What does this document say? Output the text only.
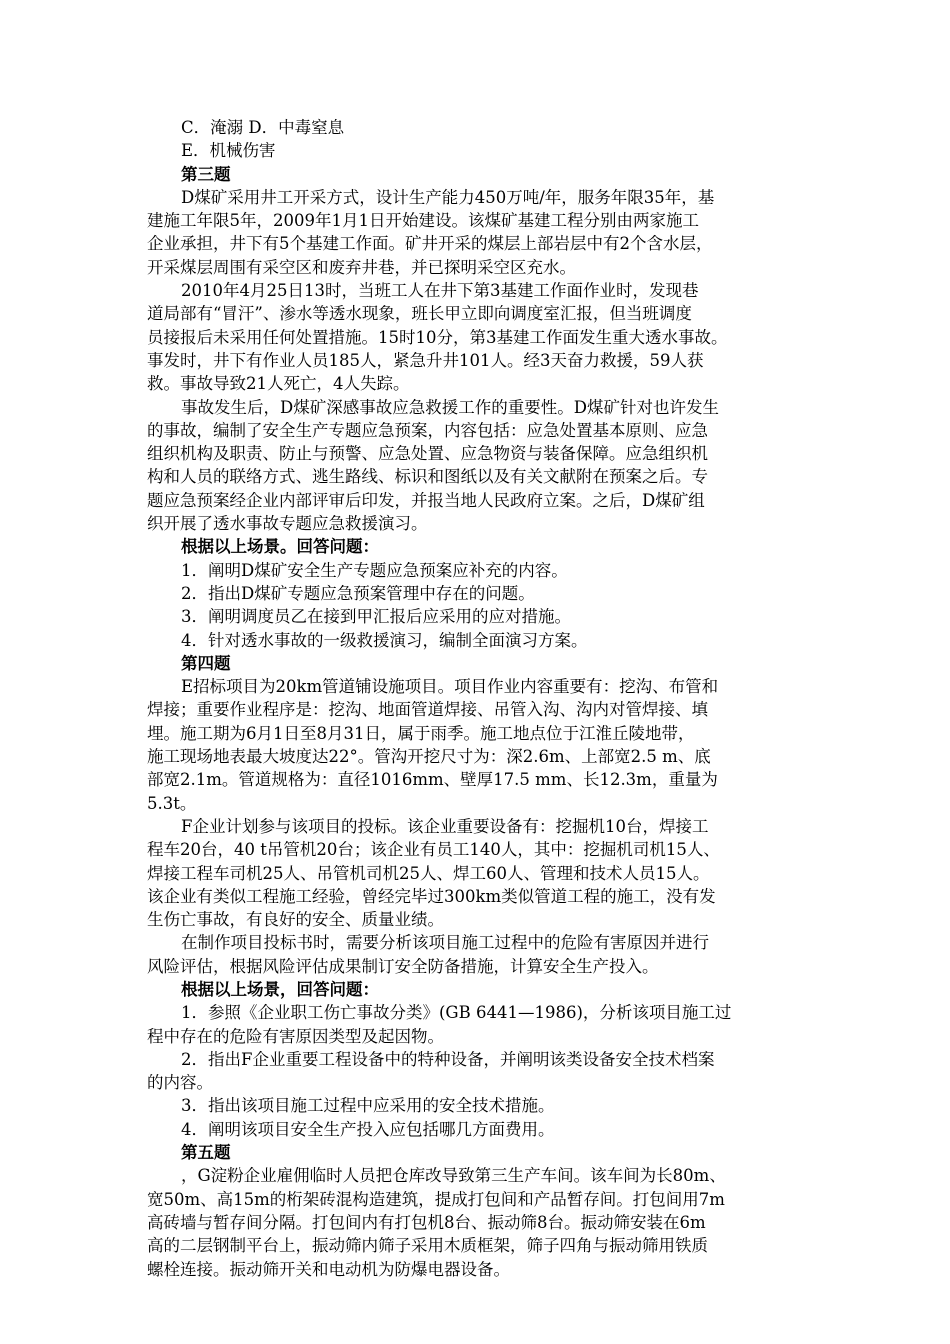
C．淹溺 D．中毒窒息
E．机械伤害
第三题
D煤矿采用井工开采方式，设计生产能力450万吨/年，服务年限35年，基
建施工年限5年，2009年1月1日开始建设。该煤矿基建工程分别由两家施工
企业承担，井下有5个基建工作面。矿井开采的煤层上部岩层中有2个含水层，
开采煤层周围有采空区和废弃井巷，并已探明采空区充水。
2010年4月25日13时，当班工人在井下第3基建工作面作业时，发现巷
道局部有“冒汗”、渗水等透水现象，班长甲立即向调度室汇报，但当班调度
员接报后未采用任何处置措施。15时10分，第3基建工作面发生重大透水事故。
事发时，井下有作业人员185人，紧急升井101人。经3天奋力救援，59人获
救。事故导致21人死亡，4人失踪。
事故发生后，D煤矿深感事故应急救援工作的重要性。D煤矿针对也许发生
的事故，编制了安全生产专题应急预案，内容包括：应急处置基本原则、应急
组织机构及职责、防止与预警、应急处置、应急物资与装备保障。应急组织机
构和人员的联络方式、逃生路线、标识和图纸以及有关文献附在预案之后。专
题应急预案经企业内部评审后印发，并报当地人民政府立案。之后，D煤矿组
织开展了透水事故专题应急救援演习。
根据以上场景。回答问题：
1．阐明D煤矿安全生产专题应急预案应补充的内容。
2．指出D煤矿专题应急预案管理中存在的问题。
3．阐明调度员乙在接到甲汇报后应采用的应对措施。
4．针对透水事故的一级救援演习，编制全面演习方案。
第四题
E招标项目为20km管道铺设施项目。项目作业内容重要有：挖沟、布管和
焊接；重要作业程序是：挖沟、地面管道焊接、吊管入沟、沟内对管焊接、填
埋。施工期为6月1日至8月31日，属于雨季。施工地点位于江淮丘陵地带，
施工现场地表最大坡度达22°。管沟开挖尺寸为：深2.6m、上部宽2.5 m、底
部宽2.1m。管道规格为：直径1016mm、壁厚17.5 mm、长12.3m，重量为
5.3t。
F企业计划参与该项目的投标。该企业重要设备有：挖掘机10台，焊接工
程车20台，40 t吊管机20台；该企业有员工140人，其中：挖掘机司机15人、
焊接工程车司机25人、吊管机司机25人、焊工60人、管理和技术人员15人。
该企业有类似工程施工经验，曾经完毕过300km类似管道工程的施工，没有发
生伤亡事故，有良好的安全、质量业绩。
在制作项目投标书时，需要分析该项目施工过程中的危险有害原因并进行
风险评估，根据风险评估成果制订安全防备措施，计算安全生产投入。
根据以上场景，回答问题：
1．参照《企业职工伤亡事故分类》(GB 6441—1986)，分析该项目施工过
程中存在的危险有害原因类型及起因物。
2．指出F企业重要工程设备中的特种设备，并阐明该类设备安全技术档案
的内容。
3．指出该项目施工过程中应采用的安全技术措施。
4．阐明该项目安全生产投入应包括哪几方面费用。
第五题
，G淀粉企业雇佣临时人员把仓库改导致第三生产车间。该车间为长80m、
宽50m、高15m的桁架砖混构造建筑，提成打包间和产品暂存间。打包间用7m
高砖墙与暂存间分隔。打包间内有打包机8台、振动筛8台。振动筛安装在6m
高的二层钢制平台上，振动筛内筛子采用木质框架，筛子四角与振动筛用铁质
螺栓连接。振动筛开关和电动机为防爆电器设备。
